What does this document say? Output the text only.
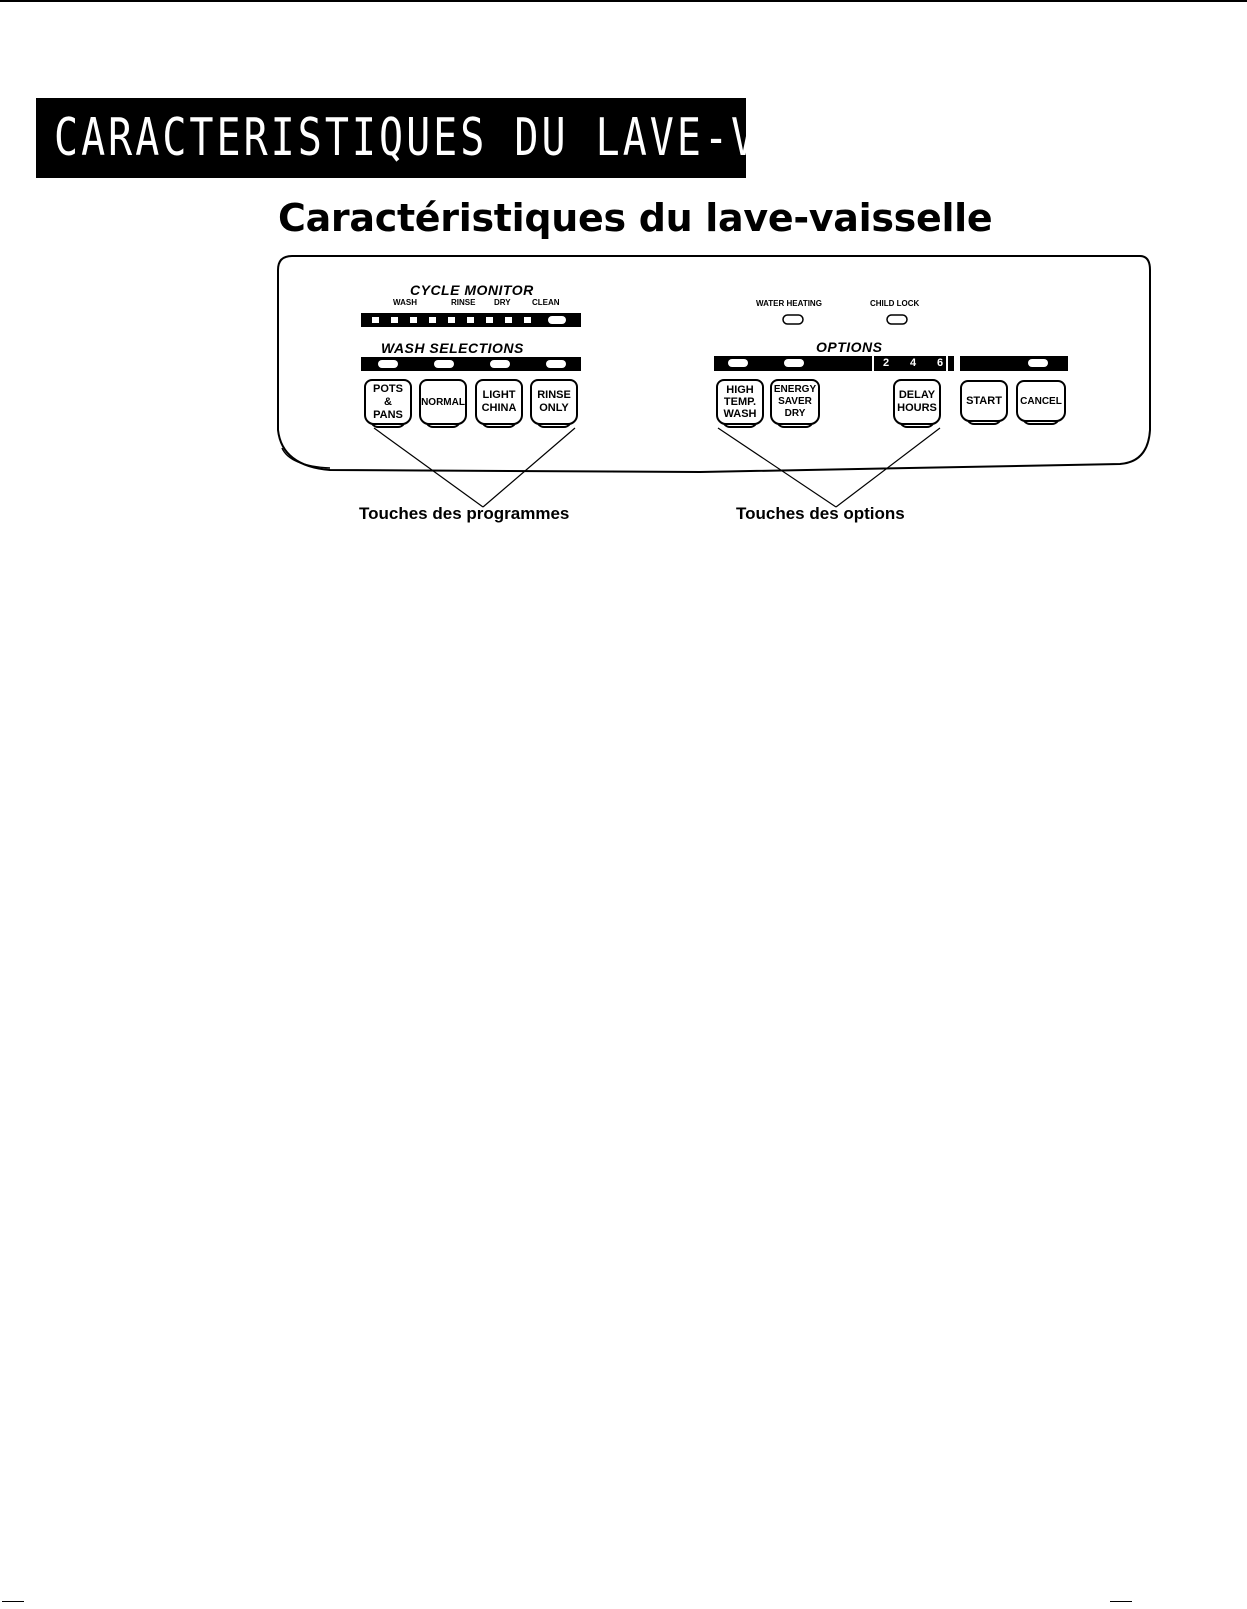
CARACTERISTIQUES DU LAVE-VAISSELLE
Caractéristiques du lave-vaisselle
CYCLE MONITOR
WASH	RINSE DRY	CLEAN
WASH SELECTIONS
WATER HEATING	CHILD LOCK
OPTIONS
2 4 6
POTS &
PANS
NORMAL
LIGHT
CHINA
RINSE
ONLY
HIGH
TEMP.
WASH
ENERGY
SAVER
DRY
DELAY
HOURS
START	CANCEL
Touches des programmes	Touches des options
